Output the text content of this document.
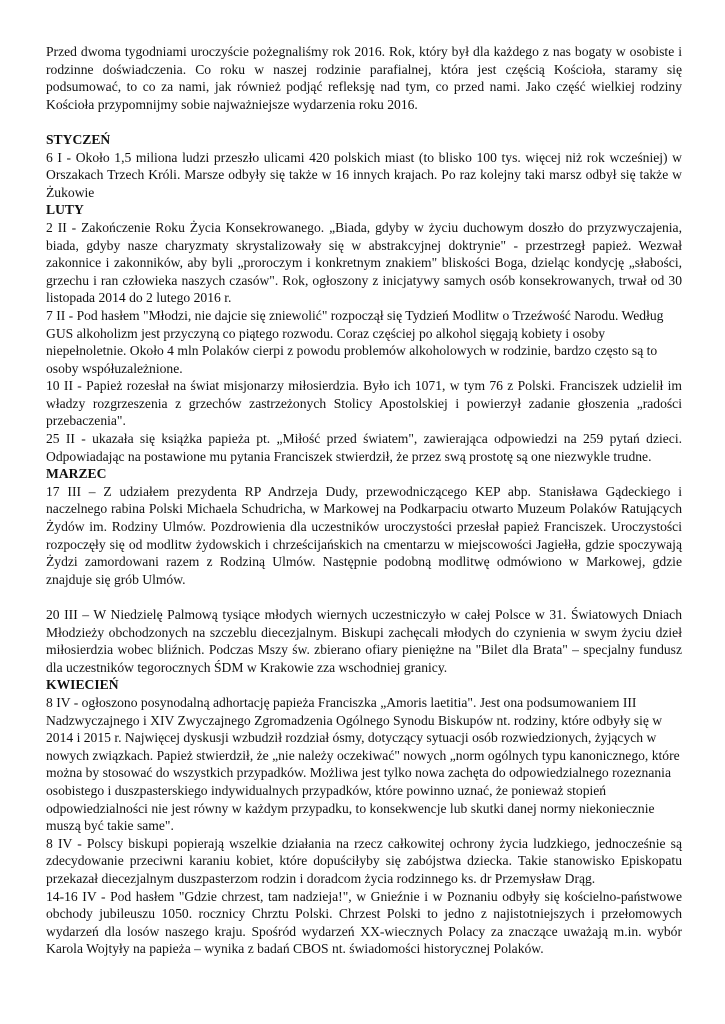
Przed dwoma tygodniami uroczyście pożegnaliśmy rok 2016. Rok, który był dla każdego z nas bogaty w osobiste i rodzinne doświadczenia. Co roku w naszej rodzinie parafialnej, która jest częścią Kościoła, staramy się podsumować, to co za nami, jak również podjąć refleksję nad tym, co przed nami. Jako część wielkiej rodziny Kościoła przypomnijmy sobie najważniejsze wydarzenia roku 2016.

STYCZEŃ

6 I - Około 1,5 miliona ludzi przeszło ulicami 420 polskich miast (to blisko 100 tys. więcej niż rok wcześniej) w Orszakach Trzech Króli. Marsze odbyły się także w 16 innych krajach. Po raz kolejny taki marsz odbył się także w Żukowie

LUTY

2 II - Zakończenie Roku Życia Konsekrowanego. „Biada, gdyby w życiu duchowym doszło do przyzwyczajenia, biada, gdyby nasze charyzmaty skrystalizowały się w abstrakcyjnej doktrynie" - przestrzegł papież. Wezwał zakonnice i zakonników, aby byli „proroczym i konkretnym znakiem" bliskości Boga, dzieląc kondycję „słabości, grzechu i ran człowieka naszych czasów". Rok, ogłoszony z inicjatywy samych osób konsekrowanych, trwał od 30 listopada 2014 do 2 lutego 2016 r.

7 II - Pod hasłem "Młodzi, nie dajcie się zniewolić" rozpoczął się Tydzień Modlitw o Trzeźwość Narodu. Według GUS alkoholizm jest przyczyną co piątego rozwodu. Coraz częściej po alkohol sięgają kobiety i osoby niepełnoletnie. Około 4 mln Polaków cierpi z powodu problemów alkoholowych w rodzinie, bardzo często są to osoby współuzależnione.

10 II - Papież rozesłał na świat misjonarzy miłosierdzia. Było ich 1071, w tym 76 z Polski. Franciszek udzielił im władzy rozgrzeszenia z grzechów zastrzeżonych Stolicy Apostolskiej i powierzył zadanie głoszenia „radości przebaczenia".

25 II - ukazała się książka papieża pt. „Miłość przed światem", zawierająca odpowiedzi na 259 pytań dzieci. Odpowiadając na postawione mu pytania Franciszek stwierdził, że przez swą prostotę są one niezwykle trudne.

MARZEC

17 III – Z udziałem prezydenta RP Andrzeja Dudy, przewodniczącego KEP abp. Stanisława Gądeckiego i naczelnego rabina Polski Michaela Schudricha, w Markowej na Podkarpaciu otwarto Muzeum Polaków Ratujących Żydów im. Rodziny Ulmów. Pozdrowienia dla uczestników uroczystości przesłał papież Franciszek. Uroczystości rozpoczęły się od modlitw żydowskich i chrześcijańskich na cmentarzu w miejscowości Jagiełła, gdzie spoczywają Żydzi zamordowani razem z Rodziną Ulmów. Następnie podobną modlitwę odmówiono w Markowej, gdzie znajduje się grób Ulmów.

20 III – W Niedzielę Palmową tysiące młodych wiernych uczestniczyło w całej Polsce w 31. Światowych Dniach Młodzieży obchodzonych na szczeblu diecezjalnym. Biskupi zachęcali młodych do czynienia w swym życiu dzieł miłosierdzia wobec bliźnich. Podczas Mszy św. zbierano ofiary pieniężne na "Bilet dla Brata" – specjalny fundusz dla uczestników tegorocznych ŚDM w Krakowie zza wschodniej granicy.

KWIECIEŃ

8 IV - ogłoszono posynodalną adhortację papieża Franciszka „Amoris laetitia". Jest ona podsumowaniem III Nadzwyczajnego i XIV Zwyczajnego Zgromadzenia Ogólnego Synodu Biskupów nt. rodziny, które odbyły się w 2014 i 2015 r. Najwięcej dyskusji wzbudził rozdział ósmy, dotyczący sytuacji osób rozwiedzionych, żyjących w nowych związkach. Papież stwierdził, że „nie należy oczekiwać" nowych „norm ogólnych typu kanonicznego, które można by stosować do wszystkich przypadków. Możliwa jest tylko nowa zachęta do odpowiedzialnego rozeznania osobistego i duszpasterskiego indywidualnych przypadków, które powinno uznać, że ponieważ stopień odpowiedzialności nie jest równy w każdym przypadku, to konsekwencje lub skutki danej normy niekoniecznie muszą być takie same".

8 IV - Polscy biskupi popierają wszelkie działania na rzecz całkowitej ochrony życia ludzkiego, jednocześnie są zdecydowanie przeciwni karaniu kobiet, które dopuściłyby się zabójstwa dziecka. Takie stanowisko Episkopatu przekazał diecezjalnym duszpasterzom rodzin i doradcom życia rodzinnego ks. dr Przemysław Drąg.

14-16 IV - Pod hasłem "Gdzie chrzest, tam nadzieja!", w Gnieźnie i w Poznaniu odbyły się kościelno-państwowe obchody jubileuszu 1050. rocznicy Chrztu Polski. Chrzest Polski to jedno z najistotniejszych i przełomowych wydarzeń dla losów naszego kraju. Spośród wydarzeń XX-wiecznych Polacy za znaczące uważają m.in. wybór Karola Wojtyły na papieża – wynika z badań CBOS nt. świadomości historycznej Polaków.
